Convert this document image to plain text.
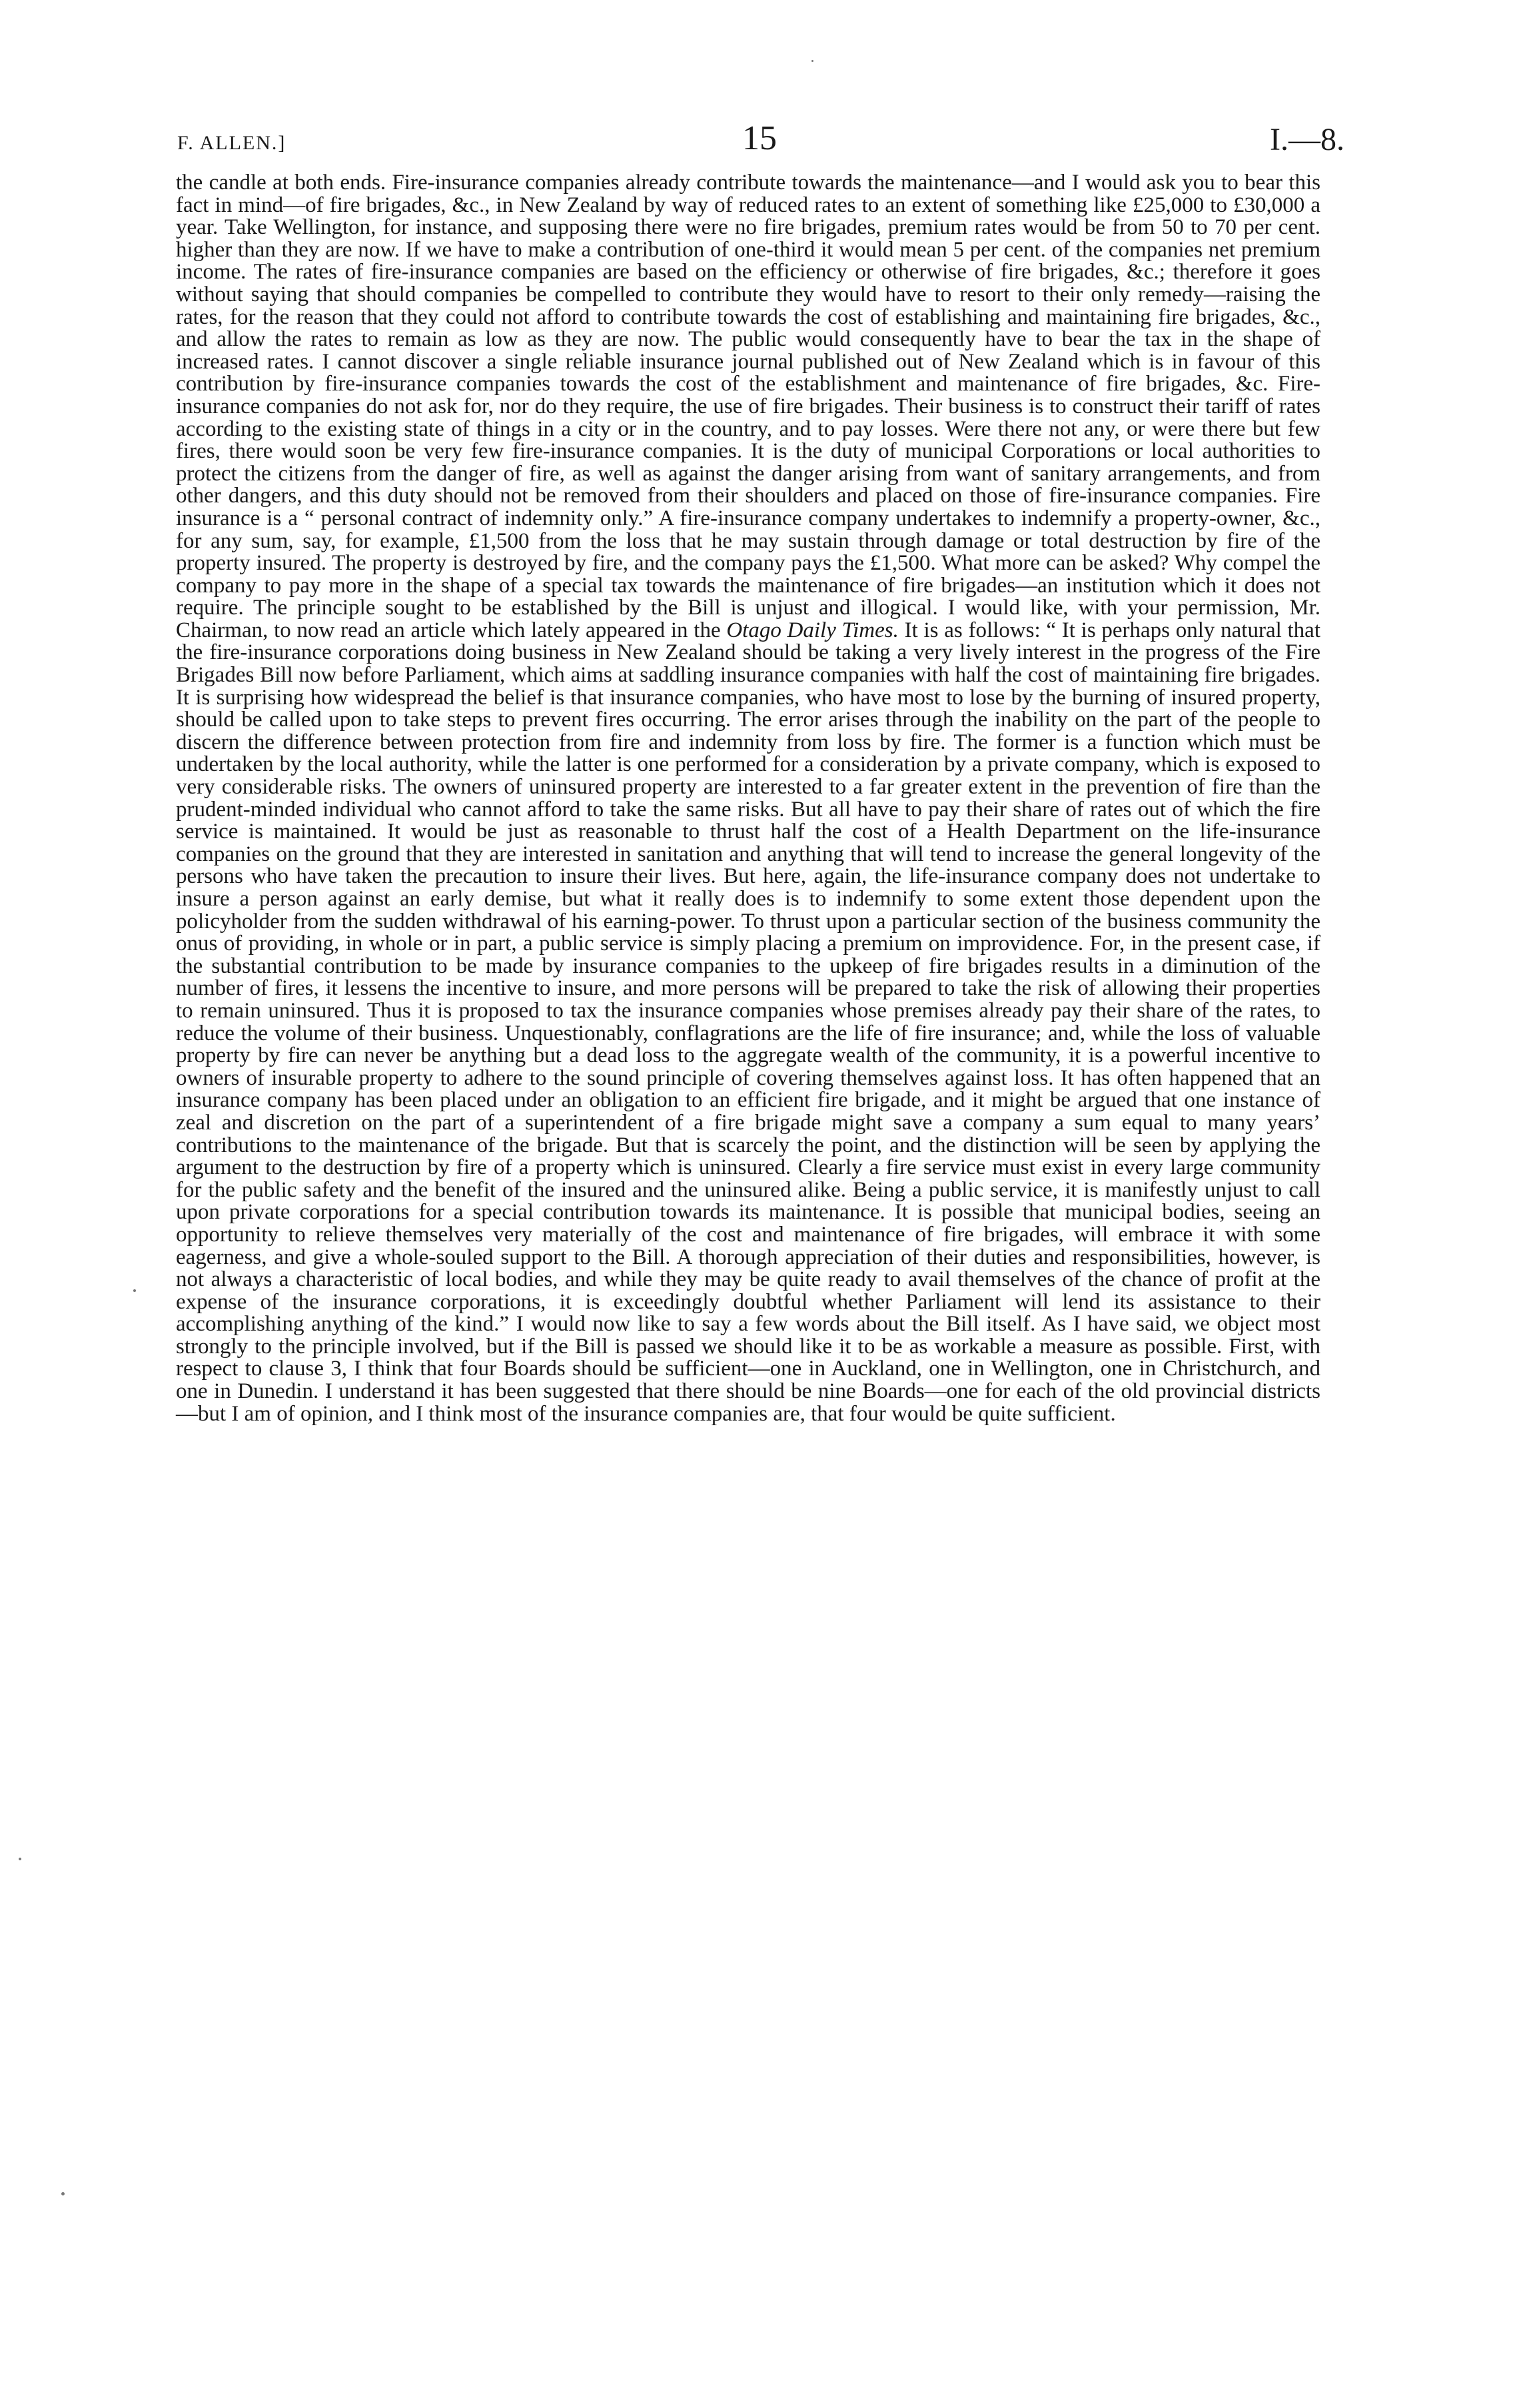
F. ALLEN.]	15	I.—8.

the candle at both ends. Fire-insurance companies already contribute towards the maintenance—and I would ask you to bear this fact in mind—of fire brigades, &c., in New Zealand by way of reduced rates to an extent of something like £25,000 to £30,000 a year. Take Wellington, for instance, and supposing there were no fire brigades, premium rates would be from 50 to 70 per cent. higher than they are now. If we have to make a contribution of one-third it would mean 5 per cent. of the companies net premium income. The rates of fire-insurance companies are based on the efficiency or otherwise of fire brigades, &c.; therefore it goes without saying that should companies be compelled to contribute they would have to resort to their only remedy—raising the rates, for the reason that they could not afford to contribute towards the cost of establishing and maintaining fire brigades, &c., and allow the rates to remain as low as they are now. The public would consequently have to bear the tax in the shape of increased rates. I cannot discover a single reliable insurance journal published out of New Zealand which is in favour of this contribution by fire-insurance companies towards the cost of the establishment and maintenance of fire brigades, &c. Fire-insurance companies do not ask for, nor do they require, the use of fire brigades. Their business is to construct their tariff of rates according to the existing state of things in a city or in the country, and to pay losses. Were there not any, or were there but few fires, there would soon be very few fire-insurance companies. It is the duty of municipal Corporations or local authorities to protect the citizens from the danger of fire, as well as against the danger arising from want of sanitary arrangements, and from other dangers, and this duty should not be removed from their shoulders and placed on those of fire-insurance companies. Fire insurance is a “ personal contract of indemnity only.” A fire-insurance company undertakes to indemnify a property-owner, &c., for any sum, say, for example, £1,500 from the loss that he may sustain through damage or total destruction by fire of the property insured. The property is destroyed by fire, and the company pays the £1,500. What more can be asked? Why compel the company to pay more in the shape of a special tax towards the maintenance of fire brigades—an institution which it does not require. The principle sought to be established by the Bill is unjust and illogical. I would like, with your permission, Mr. Chairman, to now read an article which lately appeared in the Otago Daily Times. It is as follows: “ It is perhaps only natural that the fire-insurance corporations doing business in New Zealand should be taking a very lively interest in the progress of the Fire Brigades Bill now before Parliament, which aims at saddling insurance companies with half the cost of maintaining fire brigades. It is surprising how widespread the belief is that insurance companies, who have most to lose by the burning of insured property, should be called upon to take steps to prevent fires occurring. The error arises through the inability on the part of the people to discern the difference between protection from fire and indemnity from loss by fire. The former is a function which must be undertaken by the local authority, while the latter is one performed for a consideration by a private company, which is exposed to very considerable risks. The owners of uninsured property are interested to a far greater extent in the prevention of fire than the prudent-minded individual who cannot afford to take the same risks. But all have to pay their share of rates out of which the fire service is maintained. It would be just as reasonable to thrust half the cost of a Health Department on the life-insurance companies on the ground that they are interested in sanitation and anything that will tend to increase the general longevity of the persons who have taken the precaution to insure their lives. But here, again, the life-insurance company does not undertake to insure a person against an early demise, but what it really does is to indemnify to some extent those dependent upon the policyholder from the sudden withdrawal of his earning-power. To thrust upon a particular section of the business community the onus of providing, in whole or in part, a public service is simply placing a premium on improvidence. For, in the present case, if the substantial contribution to be made by insurance companies to the upkeep of fire brigades results in a diminution of the number of fires, it lessens the incentive to insure, and more persons will be prepared to take the risk of allowing their properties to remain uninsured. Thus it is proposed to tax the insurance companies whose premises already pay their share of the rates, to reduce the volume of their business. Unquestionably, conflagrations are the life of fire insurance; and, while the loss of valuable property by fire can never be anything but a dead loss to the aggregate wealth of the community, it is a powerful incentive to owners of insurable property to adhere to the sound principle of covering themselves against loss. It has often happened that an insurance company has been placed under an obligation to an efficient fire brigade, and it might be argued that one instance of zeal and discretion on the part of a superintendent of a fire brigade might save a company a sum equal to many years’ contributions to the maintenance of the brigade. But that is scarcely the point, and the distinction will be seen by applying the argument to the destruction by fire of a property which is uninsured. Clearly a fire service must exist in every large community for the public safety and the benefit of the insured and the uninsured alike. Being a public service, it is manifestly unjust to call upon private corporations for a special contribution towards its maintenance. It is possible that municipal bodies, seeing an opportunity to relieve themselves very materially of the cost and maintenance of fire brigades, will embrace it with some eagerness, and give a whole-souled support to the Bill. A thorough appreciation of their duties and responsibilities, however, is not always a characteristic of local bodies, and while they may be quite ready to avail themselves of the chance of profit at the expense of the insurance corporations, it is exceedingly doubtful whether Parliament will lend its assistance to their accomplishing anything of the kind.” I would now like to say a few words about the Bill itself. As I have said, we object most strongly to the principle involved, but if the Bill is passed we should like it to be as workable a measure as possible. First, with respect to clause 3, I think that four Boards should be sufficient—one in Auckland, one in Wellington, one in Christchurch, and one in Dunedin. I understand it has been suggested that there should be nine Boards—one for each of the old provincial districts—but I am of opinion, and I think most of the insurance companies are, that four would be quite sufficient.
